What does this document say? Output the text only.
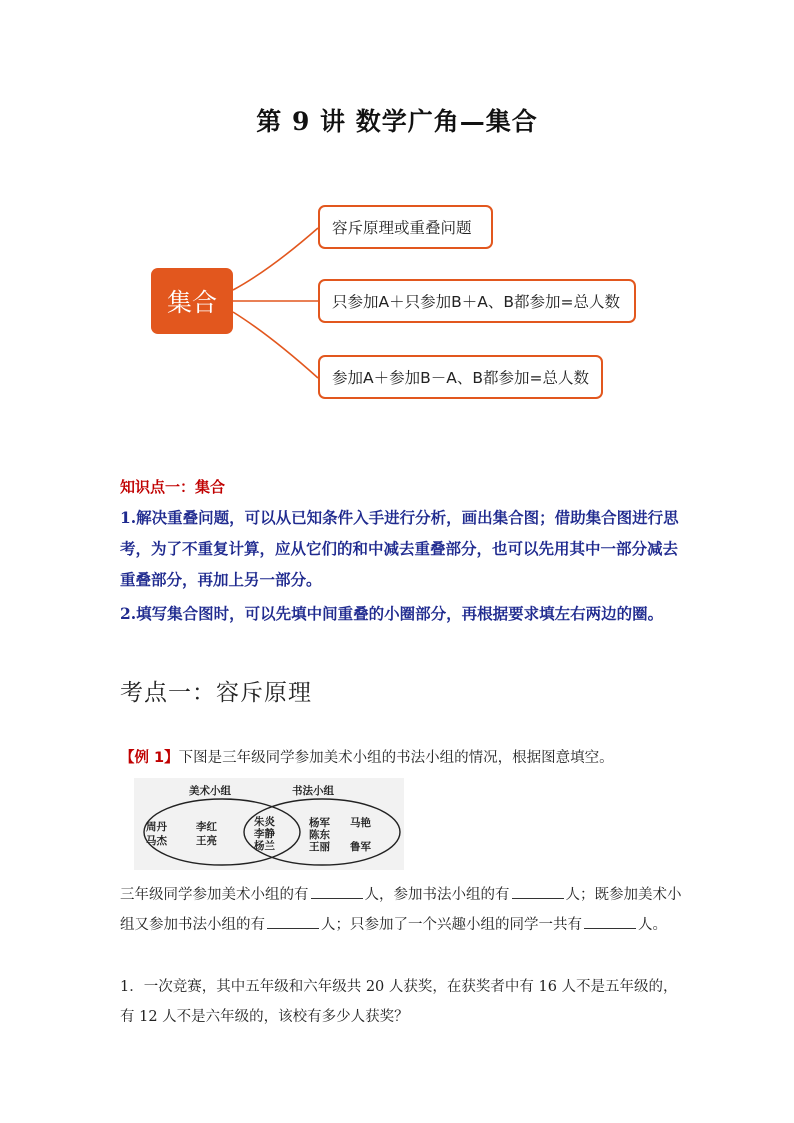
第 9 讲 数学广角—集合
集合
容斥原理或重叠问题
只参加A＋只参加B＋A、B都参加=总人数
参加A＋参加B－A、B都参加=总人数
知识点一：集合
1.解决重叠问题，可以从已知条件入手进行分析，画出集合图；借助集合图进行思考，为了不重复计算，应从它们的和中减去重叠部分，也可以先用其中一部分减去重叠部分，再加上另一部分。
2.填写集合图时，可以先填中间重叠的小圈部分，再根据要求填左右两边的圈。
考点一：容斥原理
【例 1】下图是三年级同学参加美术小组的书法小组的情况，根据图意填空。
美术小组	书法小组
周丹	李红
马杰	王亮
朱炎
李静
杨兰
杨军 马艳
陈东
王丽 鲁军
三年级同学参加美术小组的有	人，参加书法小组的有	人；既参加美术小组又参加书法小组的有	人；只参加了一个兴趣小组的同学一共有	人。
1．一次竞赛，其中五年级和六年级共 20 人获奖，在获奖者中有 16 人不是五年级的，有 12 人不是六年级的，该校有多少人获奖？
